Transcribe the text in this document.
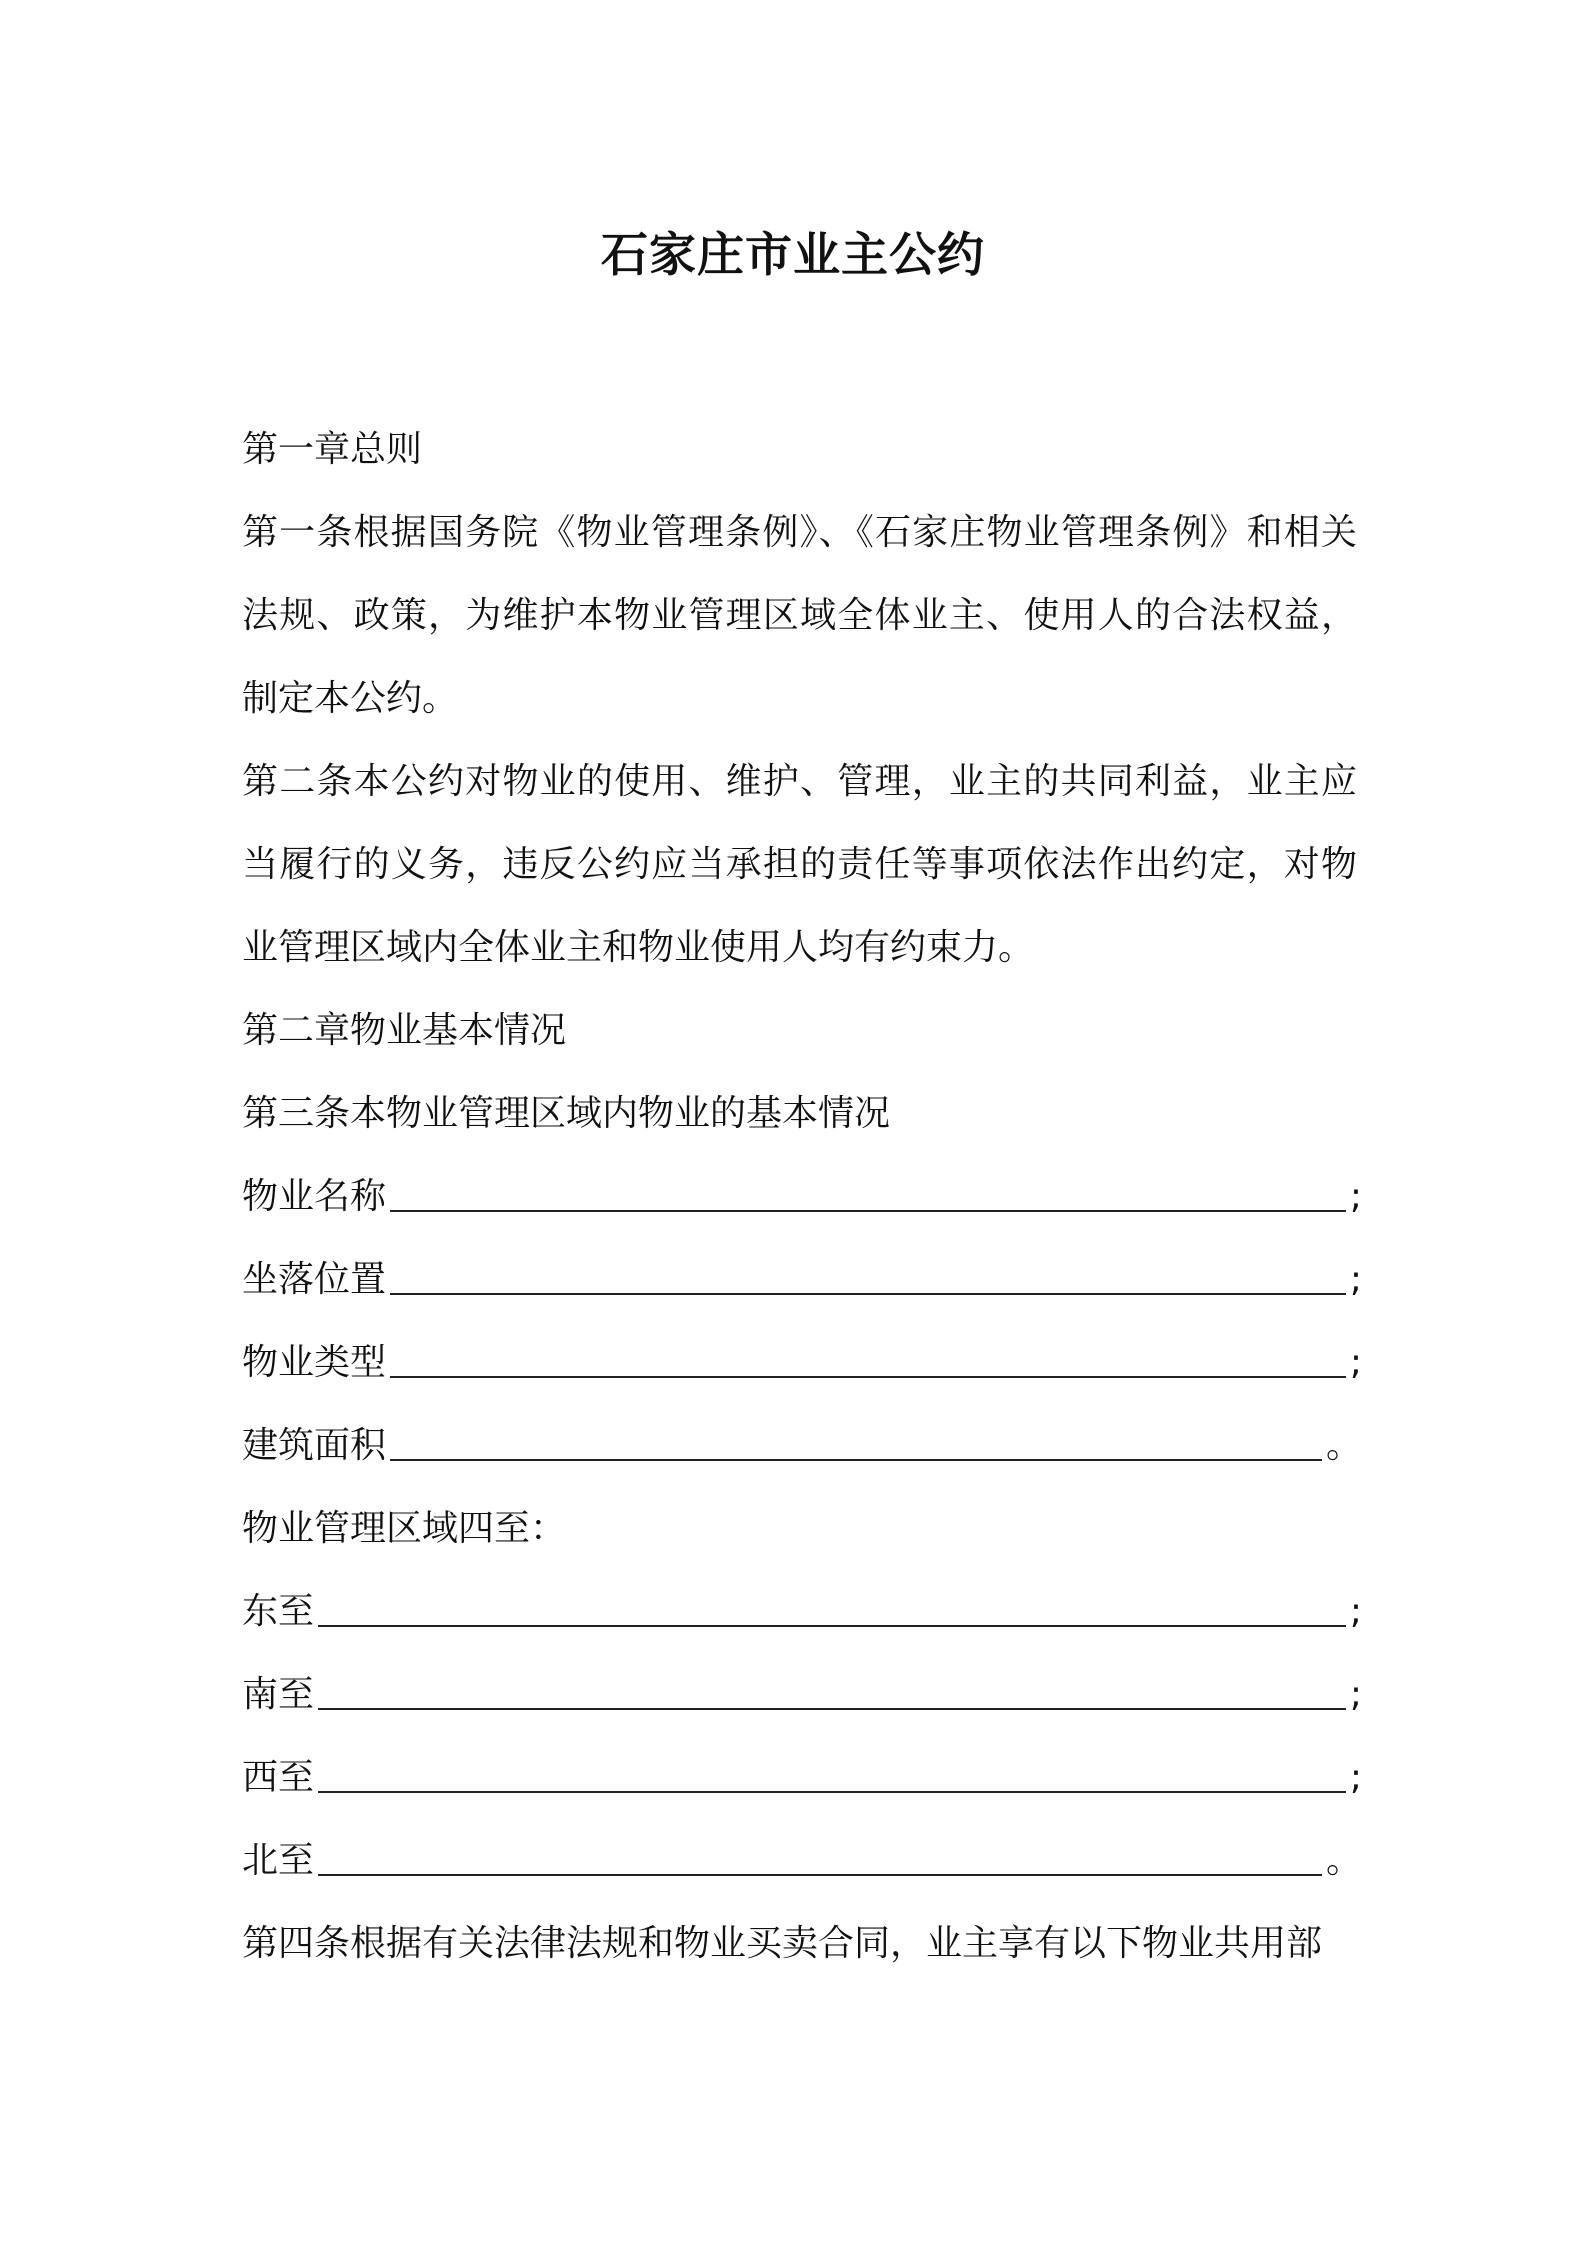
石家庄市业主公约
第一章总则
第一条根据国务院《物业管理条例》、《石家庄物业管理条例》和相关法规、政策，为维护本物业管理区域全体业主、使用人的合法权益，制定本公约。
第二条本公约对物业的使用、维护、管理，业主的共同利益，业主应当履行的义务，违反公约应当承担的责任等事项依法作出约定，对物业管理区域内全体业主和物业使用人均有约束力。
第二章物业基本情况
第三条本物业管理区域内物业的基本情况
物业名称	;
坐落位置	;
物业类型	;
建筑面积	。
物业管理区域四至：
东至	;
南至	;
西至	;
北至	。
第四条根据有关法律法规和物业买卖合同，业主享有以下物业共用部
